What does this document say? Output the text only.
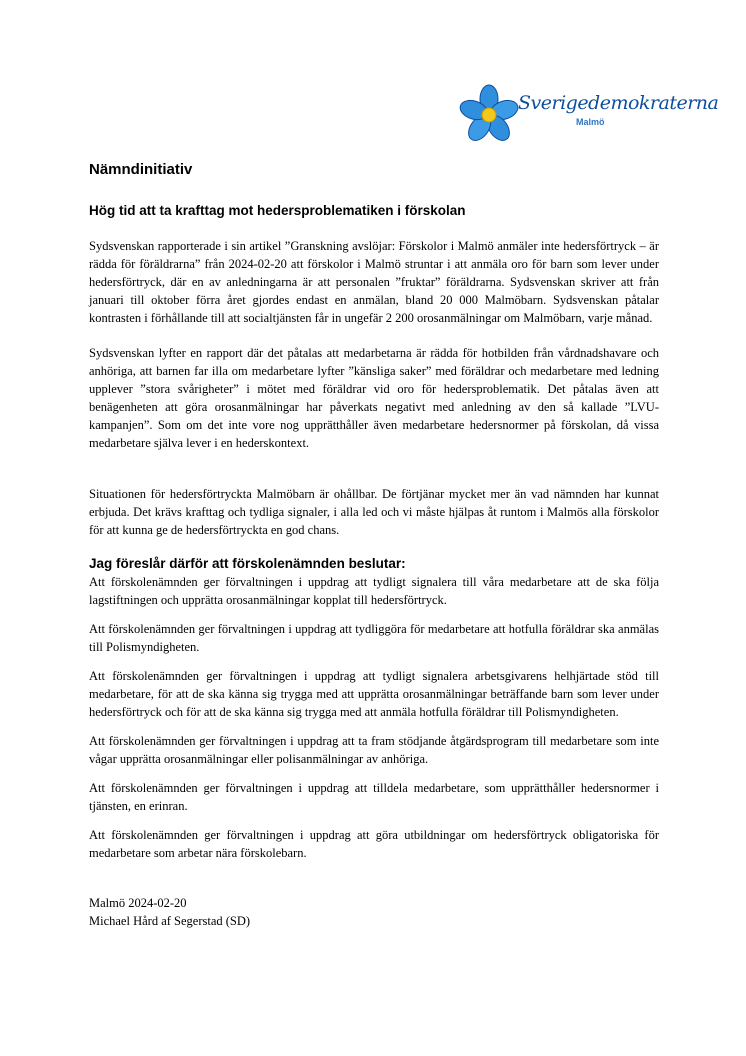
Sverigedemokraterna
Malmö
Nämndinitiativ
Hög tid att ta krafttag mot hedersproblematiken i förskolan

Sydsvenskan rapporterade i sin artikel ”Granskning avslöjar: Förskolor i Malmö anmäler inte hedersförtryck – är rädda för föräldrarna” från 2024-02-20 att förskolor i Malmö struntar i att anmäla oro för barn som lever under hedersförtryck, där en av anledningarna är att personalen ”fruktar” föräldrarna. Sydsvenskan skriver att från januari till oktober förra året gjordes endast en anmälan, bland 20 000 Malmöbarn. Sydsvenskan påtalar kontrasten i förhållande till att socialtjänsten får in ungefär 2 200 orosanmälningar om Malmöbarn, varje månad.

Sydsvenskan lyfter en rapport där det påtalas att medarbetarna är rädda för hotbilden från vårdnadshavare och anhöriga, att barnen far illa om medarbetare lyfter ”känsliga saker” med föräldrar och medarbetare med ledning upplever ”stora svårigheter” i mötet med föräldrar vid oro för hedersproblematik. Det påtalas även att benägenheten att göra orosanmälningar har påverkats negativt med anledning av den så kallade ”LVU-kampanjen”. Som om det inte vore nog upprätthåller även medarbetare hedersnormer på förskolan, då vissa medarbetare själva lever i en hederskontext.

Situationen för hedersförtryckta Malmöbarn är ohållbar. De förtjänar mycket mer än vad nämnden har kunnat erbjuda. Det krävs krafttag och tydliga signaler, i alla led och vi måste hjälpas åt runtom i Malmös alla förskolor för att kunna ge de hedersförtryckta en god chans.

Jag föreslår därför att förskolenämnden beslutar:

Att förskolenämnden ger förvaltningen i uppdrag att tydligt signalera till våra medarbetare att de ska följa lagstiftningen och upprätta orosanmälningar kopplat till hedersförtryck.

Att förskolenämnden ger förvaltningen i uppdrag att tydliggöra för medarbetare att hotfulla föräldrar ska anmälas till Polismyndigheten.

Att förskolenämnden ger förvaltningen i uppdrag att tydligt signalera arbetsgivarens helhjärtade stöd till medarbetare, för att de ska känna sig trygga med att upprätta orosanmälningar beträffande barn som lever under hedersförtryck och för att de ska känna sig trygga med att anmäla hotfulla föräldrar till Polismyndigheten.

Att förskolenämnden ger förvaltningen i uppdrag att ta fram stödjande åtgärdsprogram till medarbetare som inte vågar upprätta orosanmälningar eller polisanmälningar av anhöriga.

Att förskolenämnden ger förvaltningen i uppdrag att tilldela medarbetare, som upprätthåller hedersnormer i tjänsten, en erinran.

Att förskolenämnden ger förvaltningen i uppdrag att göra utbildningar om hedersförtryck obligatoriska för medarbetare som arbetar nära förskolebarn.

Malmö 2024-02-20

Michael Hård af Segerstad (SD)
